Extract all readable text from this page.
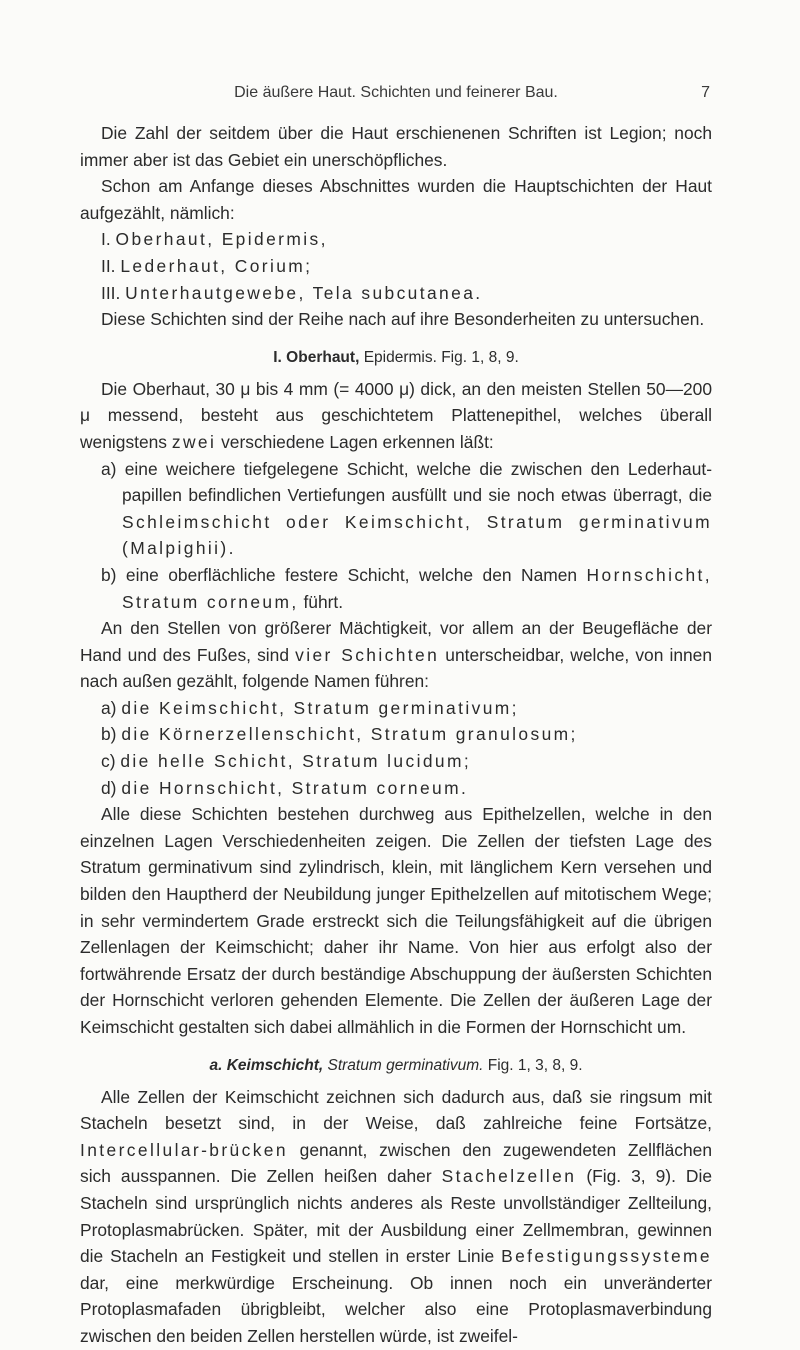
Die äußere Haut. Schichten und feinerer Bau.	7

Die Zahl der seitdem über die Haut erschienenen Schriften ist Legion; noch immer aber ist das Gebiet ein unerschöpfliches.

Schon am Anfange dieses Abschnittes wurden die Hauptschichten der Haut aufgezählt, nämlich:

I. Oberhaut, Epidermis,

II. Lederhaut, Corium;

III. Unterhautgewebe, Tela subcutanea.

Diese Schichten sind der Reihe nach auf ihre Besonderheiten zu untersuchen.

I. Oberhaut, Epidermis. Fig. 1, 8, 9.

Die Oberhaut, 30 μ bis 4 mm (= 4000 μ) dick, an den meisten Stellen 50—200 μ messend, besteht aus geschichtetem Plattenepithel, welches überall wenigstens zwei verschiedene Lagen erkennen läßt:

a) eine weichere tiefgelegene Schicht, welche die zwischen den Lederhaut-papillen befindlichen Vertiefungen ausfüllt und sie noch etwas überragt, die Schleimschicht oder Keimschicht, Stratum germinativum (Malpighii).

b) eine oberflächliche festere Schicht, welche den Namen Hornschicht, Stratum corneum, führt.

An den Stellen von größerer Mächtigkeit, vor allem an der Beugefläche der Hand und des Fußes, sind vier Schichten unterscheidbar, welche, von innen nach außen gezählt, folgende Namen führen:

a) die Keimschicht, Stratum germinativum;

b) die Körnerzellenschicht, Stratum granulosum;

c) die helle Schicht, Stratum lucidum;

d) die Hornschicht, Stratum corneum.

Alle diese Schichten bestehen durchweg aus Epithelzellen, welche in den einzelnen Lagen Verschiedenheiten zeigen. Die Zellen der tiefsten Lage des Stratum germinativum sind zylindrisch, klein, mit länglichem Kern versehen und bilden den Hauptherd der Neubildung junger Epithelzellen auf mitotischem Wege; in sehr vermindertem Grade erstreckt sich die Teilungsfähigkeit auf die übrigen Zellenlagen der Keimschicht; daher ihr Name. Von hier aus erfolgt also der fortwährende Ersatz der durch beständige Abschuppung der äußersten Schichten der Hornschicht verloren gehenden Elemente. Die Zellen der äußeren Lage der Keimschicht gestalten sich dabei allmählich in die Formen der Hornschicht um.

a. Keimschicht, Stratum germinativum. Fig. 1, 3, 8, 9.

Alle Zellen der Keimschicht zeichnen sich dadurch aus, daß sie ringsum mit Stacheln besetzt sind, in der Weise, daß zahlreiche feine Fortsätze, Intercellular-brücken genannt, zwischen den zugewendeten Zellflächen sich ausspannen. Die Zellen heißen daher Stachelzellen (Fig. 3, 9). Die Stacheln sind ursprünglich nichts anderes als Reste unvollständiger Zellteilung, Protoplasmabrücken. Später, mit der Ausbildung einer Zellmembran, gewinnen die Stacheln an Festigkeit und stellen in erster Linie Befestigungssysteme dar, eine merkwürdige Erscheinung. Ob innen noch ein unveränderter Protoplasmafaden übrigbleibt, welcher also eine Protoplasmaverbindung zwischen den beiden Zellen herstellen würde, ist zweifel-
